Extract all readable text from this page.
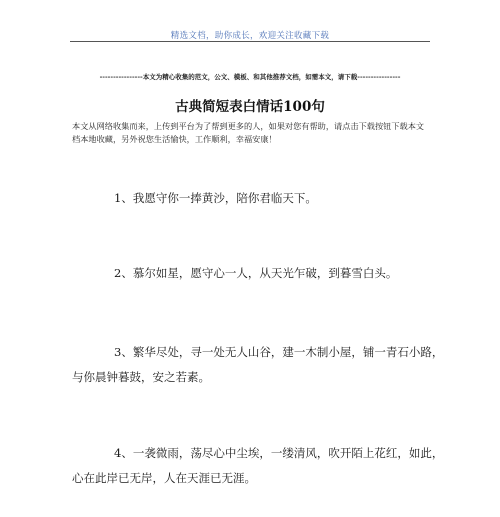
精选文档，助你成长，欢迎关注收藏下载
----------------本文为精心收集的范文，公文、模板、和其他推荐文档，如需本文，请下载----------------
古典简短表白情话100句
本文从网络收集而来，上传到平台为了帮到更多的人，如果对您有帮助，请点击下载按钮下载本文档本地收藏，另外祝您生活愉快，工作顺利，幸福安康！
1、我愿守你一捧黄沙，陪你君临天下。
2、慕尔如星，愿守心一人，从天光乍破，到暮雪白头。
3、繁华尽处，寻一处无人山谷，建一木制小屋，铺一青石小路，
与你晨钟暮鼓，安之若素。
4、一袭微雨，荡尽心中尘埃，一缕清风，吹开陌上花红，如此，
心在此岸已无岸，人在天涯已无涯。
